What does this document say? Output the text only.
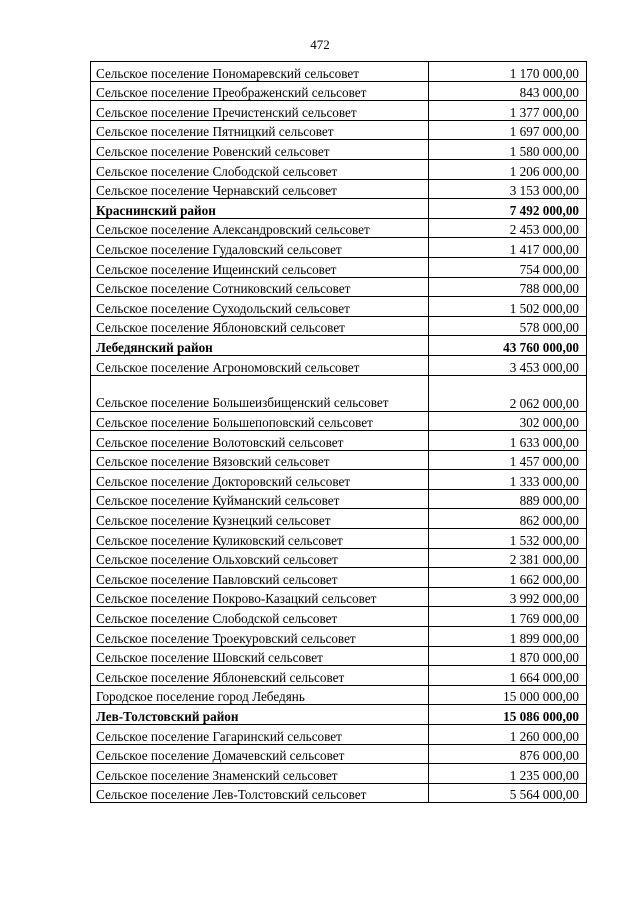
472
Сельское поселение Пономаревский сельсовет	1 170 000,00
Сельское поселение Преображенский сельсовет	843 000,00
Сельское поселение Пречистенский сельсовет	1 377 000,00
Сельское поселение Пятницкий сельсовет	1 697 000,00
Сельское поселение Ровенский сельсовет	1 580 000,00
Сельское поселение Слободской сельсовет	1 206 000,00
Сельское поселение Чернавский сельсовет	3 153 000,00
Краснинский район	7 492 000,00
Сельское поселение Александровский сельсовет	2 453 000,00
Сельское поселение Гудаловский сельсовет	1 417 000,00
Сельское поселение Ищеинский сельсовет	754 000,00
Сельское поселение Сотниковский сельсовет	788 000,00
Сельское поселение Суходольский сельсовет	1 502 000,00
Сельское поселение Яблоновский сельсовет	578 000,00
Лебедянский район	43 760 000,00
Сельское поселение Агрономовский сельсовет	3 453 000,00
Сельское поселение Большеизбищенский сельсовет	2 062 000,00
Сельское поселение Большепоповский сельсовет	302 000,00
Сельское поселение Волотовский сельсовет	1 633 000,00
Сельское поселение Вязовский сельсовет	1 457 000,00
Сельское поселение Докторовский сельсовет	1 333 000,00
Сельское поселение Куйманский сельсовет	889 000,00
Сельское поселение Кузнецкий сельсовет	862 000,00
Сельское поселение Куликовский сельсовет	1 532 000,00
Сельское поселение Ольховский сельсовет	2 381 000,00
Сельское поселение Павловский сельсовет	1 662 000,00
Сельское поселение Покрово-Казацкий сельсовет	3 992 000,00
Сельское поселение Слободской сельсовет	1 769 000,00
Сельское поселение Троекуровский сельсовет	1 899 000,00
Сельское поселение Шовский сельсовет	1 870 000,00
Сельское поселение Яблоневский сельсовет	1 664 000,00
Городское поселение город Лебедянь	15 000 000,00
Лев-Толстовский район	15 086 000,00
Сельское поселение Гагаринский сельсовет	1 260 000,00
Сельское поселение Домачевский сельсовет	876 000,00
Сельское поселение Знаменский сельсовет	1 235 000,00
Сельское поселение Лев-Толстовский сельсовет	5 564 000,00
